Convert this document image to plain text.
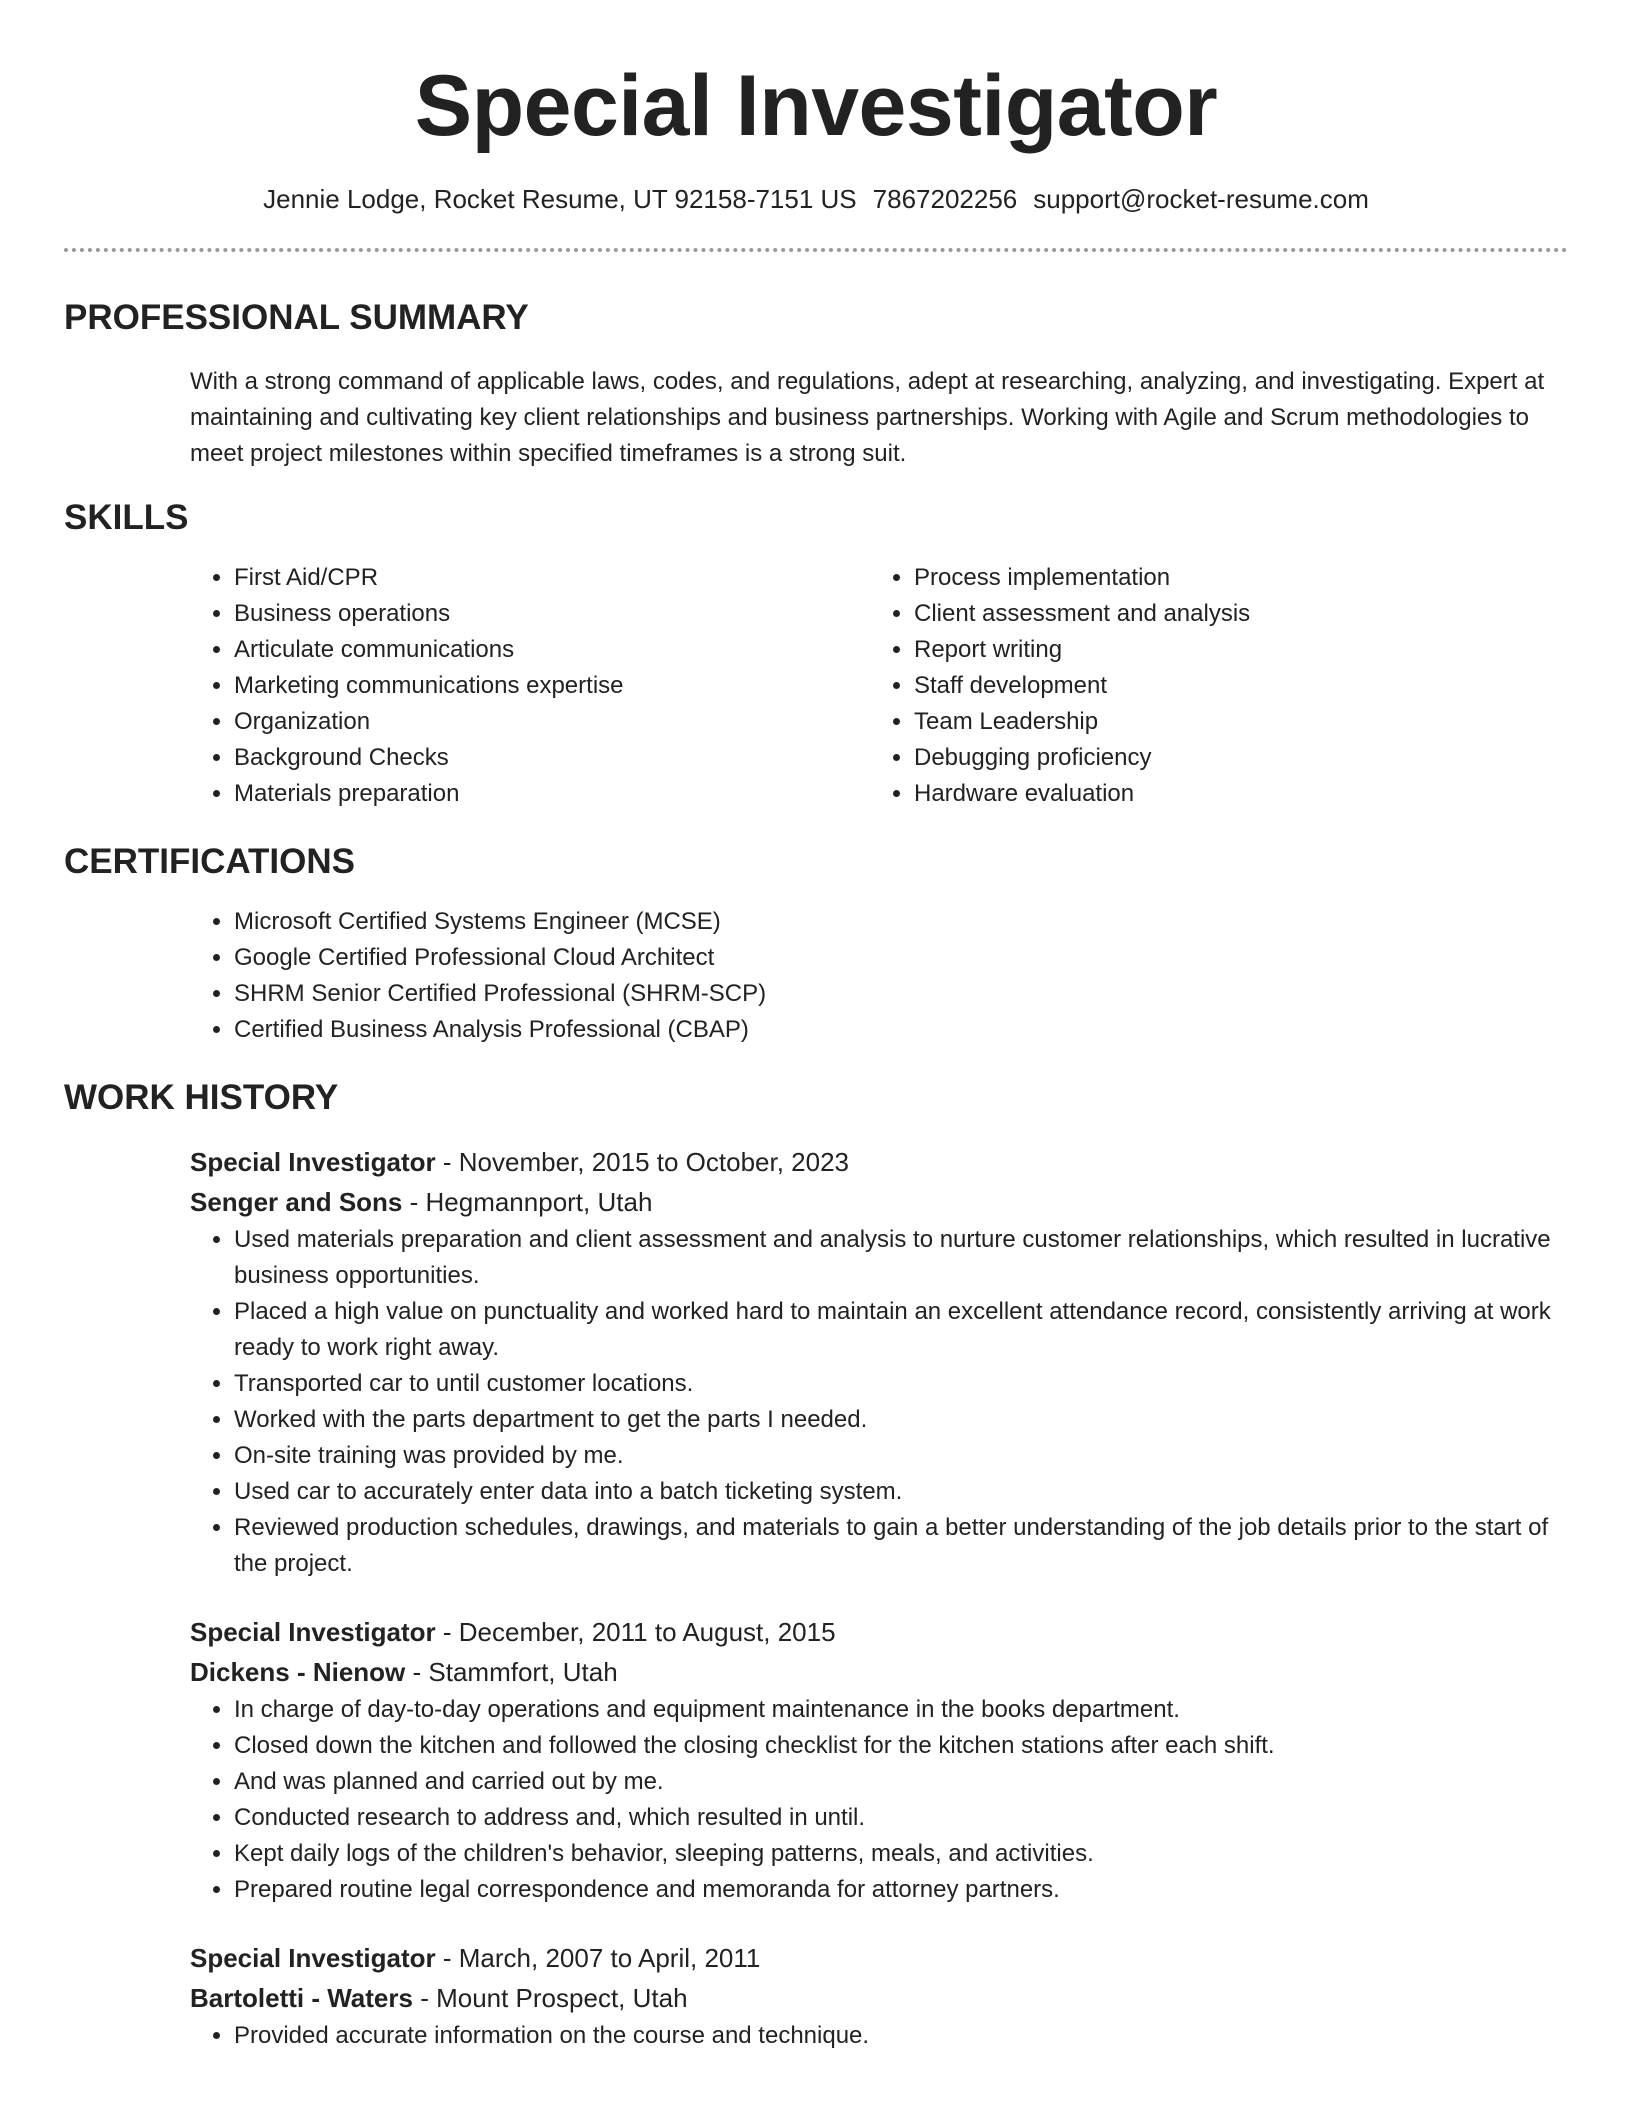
Special Investigator
Jennie Lodge, Rocket Resume, UT 92158-7151 US 7867202256 support@rocket-resume.com
PROFESSIONAL SUMMARY

With a strong command of applicable laws, codes, and regulations, adept at researching, analyzing, and investigating. Expert at maintaining and cultivating key client relationships and business partnerships. Working with Agile and Scrum methodologies to meet project milestones within specified timeframes is a strong suit.

SKILLS
• First Aid/CPR
• Business operations
• Articulate communications
• Marketing communications expertise
• Organization
• Background Checks
• Materials preparation
• Process implementation
• Client assessment and analysis
• Report writing
• Staff development
• Team Leadership
• Debugging proficiency
• Hardware evaluation
CERTIFICATIONS
• Microsoft Certified Systems Engineer (MCSE)
• Google Certified Professional Cloud Architect
• SHRM Senior Certified Professional (SHRM-SCP)
• Certified Business Analysis Professional (CBAP)
WORK HISTORY
Special Investigator - November, 2015 to October, 2023
Senger and Sons - Hegmannport, Utah
• Used materials preparation and client assessment and analysis to nurture customer relationships, which resulted in lucrative business opportunities.
• Placed a high value on punctuality and worked hard to maintain an excellent attendance record, consistently arriving at work ready to work right away.
• Transported car to until customer locations.
• Worked with the parts department to get the parts I needed.
• On-site training was provided by me.
• Used car to accurately enter data into a batch ticketing system.
• Reviewed production schedules, drawings, and materials to gain a better understanding of the job details prior to the start of the project.
Special Investigator - December, 2011 to August, 2015
Dickens - Nienow - Stammfort, Utah
• In charge of day-to-day operations and equipment maintenance in the books department.
• Closed down the kitchen and followed the closing checklist for the kitchen stations after each shift.
• And was planned and carried out by me.
• Conducted research to address and, which resulted in until.
• Kept daily logs of the children's behavior, sleeping patterns, meals, and activities.
• Prepared routine legal correspondence and memoranda for attorney partners.
Special Investigator - March, 2007 to April, 2011
Bartoletti - Waters - Mount Prospect, Utah
• Provided accurate information on the course and technique.
